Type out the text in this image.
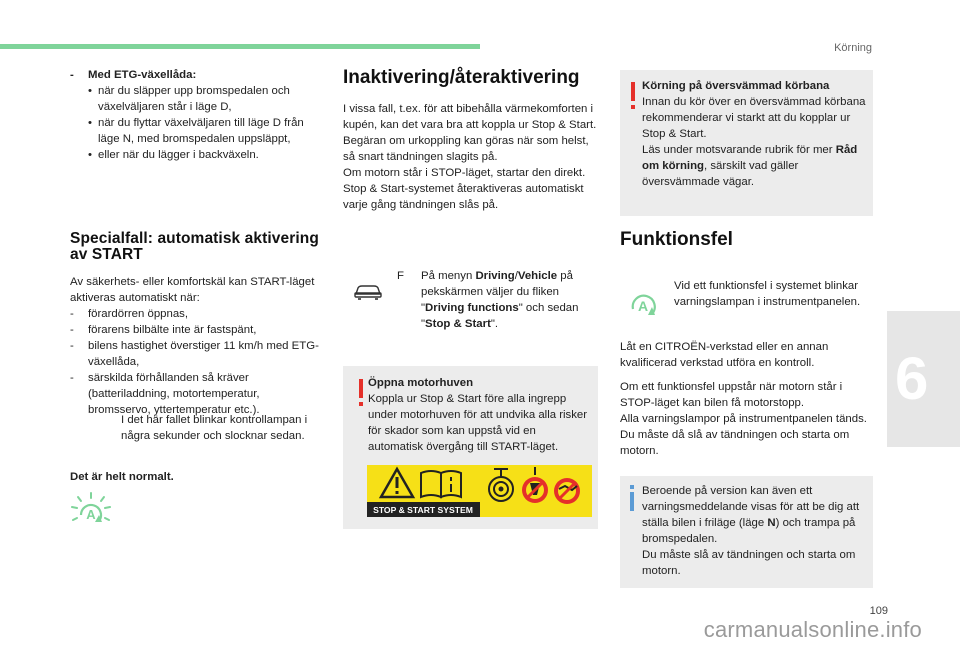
Körning
6
109
carmanualsonline.info
- Med ETG-växellåda:
• när du släpper upp bromspedalen och växelväljaren står i läge D,
• när du flyttar växelväljaren till läge D från läge N, med bromspedalen uppsläppt,
• eller när du lägger i backväxeln.
Specialfall: automatisk aktivering av START

Av säkerhets- eller komfortskäl kan START-läget aktiveras automatiskt när:

- förardörren öppnas,
- förarens bilbälte inte är fastspänt,
- bilens hastighet överstiger 11 km/h med ETG-växellåda,
- särskilda förhållanden så kräver (batteriladdning, motortemperatur, bromsservo, yttertemperatur etc.).

I det här fallet blinkar kontrollampan i några sekunder och slocknar sedan.

Det är helt normalt.

A
Inaktivering/återaktivering

I vissa fall, t.ex. för att bibehålla värmekomforten i kupén, kan det vara bra att koppla ur Stop & Start.

Begäran om urkoppling kan göras när som helst, så snart tändningen slagits på.

Om motorn står i STOP-läget, startar den direkt.

Stop & Start-systemet återaktiveras automatiskt varje gång tändningen slås på.

F	På menyn Driving/Vehicle på pekskärmen väljer du fliken "Driving functions" och sedan "Stop & Start".

Öppna motorhuven

Koppla ur Stop & Start före alla ingrepp under motorhuven för att undvika alla risker för skador som kan uppstå vid en automatisk övergång till START-läget.

STOP & START SYSTEM
Körning på översvämmad körbana

Innan du kör över en översvämmad körbana rekommenderar vi starkt att du kopplar ur Stop & Start.

Läs under motsvarande rubrik för mer Råd om körning, särskilt vad gäller översvämmade vägar.

Funktionsfel
A

Vid ett funktionsfel i systemet blinkar varningslampan i instrumentpanelen.

Låt en CITROËN-verkstad eller en annan kvalificerad verkstad utföra en kontroll.

Om ett funktionsfel uppstår när motorn står i STOP-läget kan bilen få motorstopp.

Alla varningslampor på instrumentpanelen tänds.

Du måste då slå av tändningen och starta om motorn.

Beroende på version kan även ett varningsmeddelande visas för att be dig att ställa bilen i friläge (läge N) och trampa på bromspedalen.

Du måste slå av tändningen och starta om motorn.
